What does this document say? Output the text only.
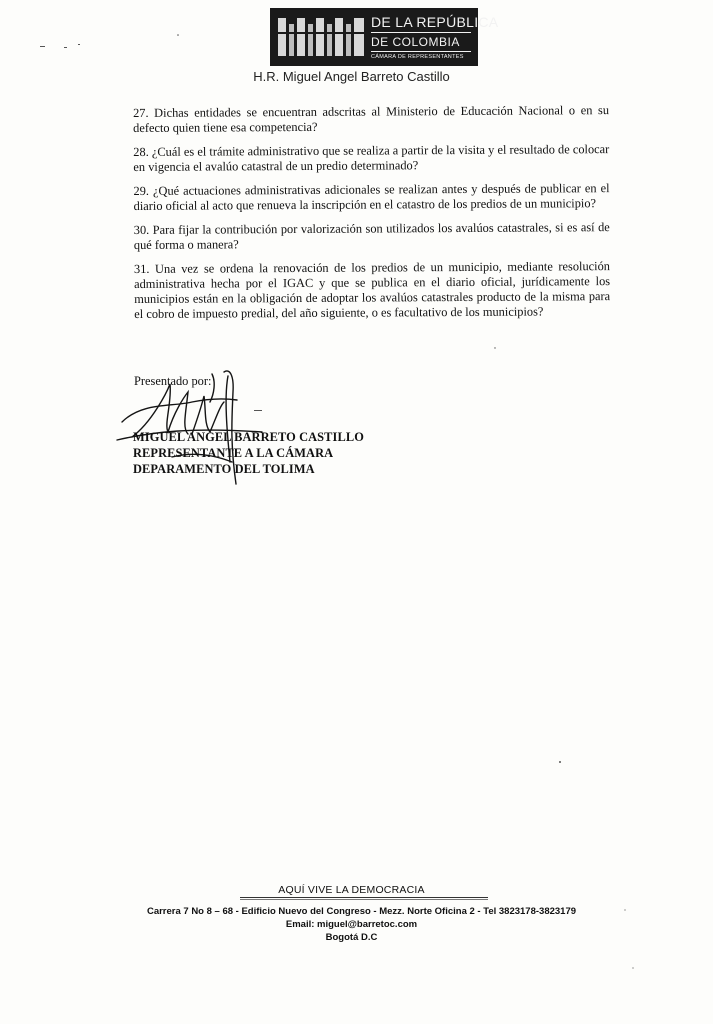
DE LA REPÚBLICA
DE COLOMBIA
CÁMARA DE REPRESENTANTES
H.R. Miguel Angel Barreto Castillo

27. Dichas entidades se encuentran adscritas al Ministerio de Educación Nacional o en su defecto quien tiene esa competencia?

28. ¿Cuál es el trámite administrativo que se realiza a partir de la visita y el resultado de colocar en vigencia el avalúo catastral de un predio determinado?

29. ¿Qué actuaciones administrativas adicionales se realizan antes y después de publicar en el diario oficial al acto que renueva la inscripción en el catastro de los predios de un municipio?

30. Para fijar la contribución por valorización son utilizados los avalúos catastrales, si es así de qué forma o manera?

31. Una vez se ordena la renovación de los predios de un municipio, mediante resolución administrativa hecha por el IGAC y que se publica en el diario oficial, jurídicamente los municipios están en la obligación de adoptar los avalúos catastrales producto de la misma para el cobro de impuesto predial, del año siguiente, o es facultativo de los municipios?

Presentado por:
MIGUEL ANGEL BARRETO CASTILLO
REPRESENTANTE A LA CÁMARA
DEPARAMENTO DEL TOLIMA
AQUÍ VIVE LA DEMOCRACIA
Carrera 7 No 8 – 68 - Edificio Nuevo del Congreso - Mezz. Norte Oficina 2 - Tel 3823178-3823179
Email: miguel@barretoc.com
Bogotá D.C
